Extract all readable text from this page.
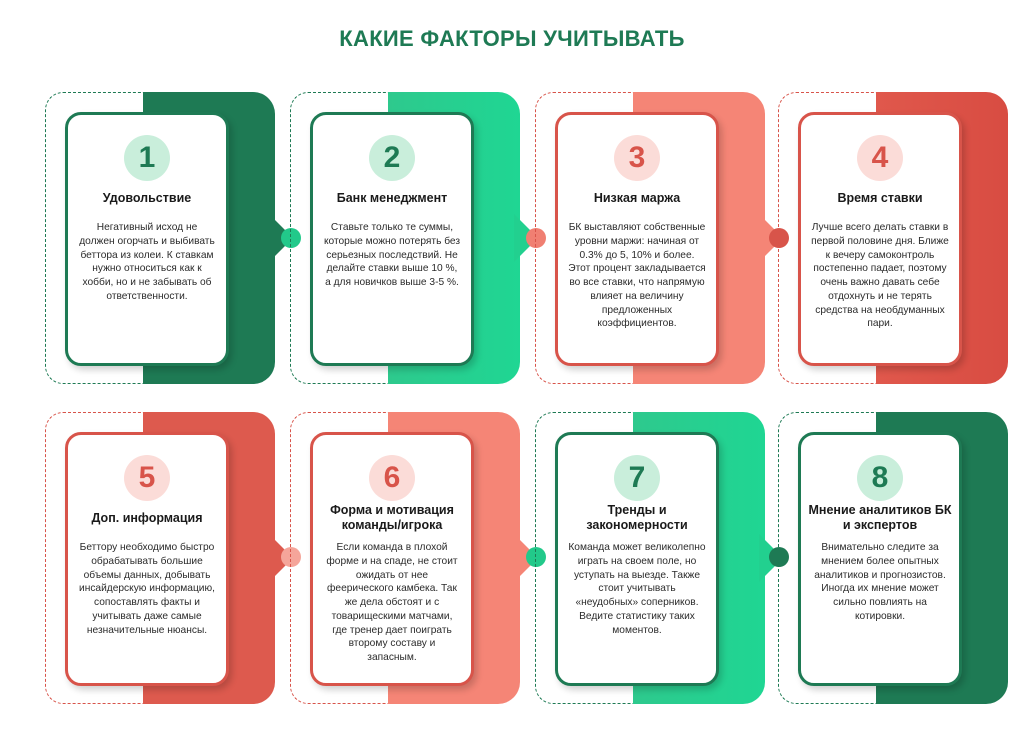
КАКИЕ ФАКТОРЫ УЧИТЫВАТЬ
1
Удовольствие
Негативный исход не должен огорчать и выбивать беттора из колеи. К ставкам нужно относиться как к хобби, но и не забывать об ответственности.
2
Банк менеджмент
Ставьте только те суммы, которые можно потерять без серьезных последствий. Не делайте ставки выше 10 %, а для новичков выше 3-5 %.
3
Низкая маржа
БК выставляют собственные уровни маржи: начиная от 0.3% до 5, 10% и более. Этот процент закладывается во все ставки, что напрямую влияет на величину предложенных коэффициентов.
4
Время ставки
Лучше всего делать ставки в первой половине дня. Ближе к вечеру самоконтроль постепенно падает, поэтому очень важно давать себе отдохнуть и не терять средства на необдуманных пари.
5
Доп. информация
Беттору необходимо быстро обрабатывать большие объемы данных, добывать инсайдерскую информацию, сопоставлять факты и учитывать даже самые незначительные нюансы.
6
Форма и мотивация команды/игрока
Если команда в плохой форме и на спаде, не стоит ожидать от нее феерического камбека. Так же дела обстоят и с товарищескими матчами, где тренер дает поиграть второму составу и запасным.
7
Тренды и закономерности
Команда может великолепно играть на своем поле, но уступать на выезде. Также стоит учитывать «неудобных» соперников. Ведите статистику таких моментов.
8
Мнение аналитиков БК и экспертов
Внимательно следите за мнением более опытных аналитиков и прогнозистов. Иногда их мнение может сильно повлиять на котировки.
